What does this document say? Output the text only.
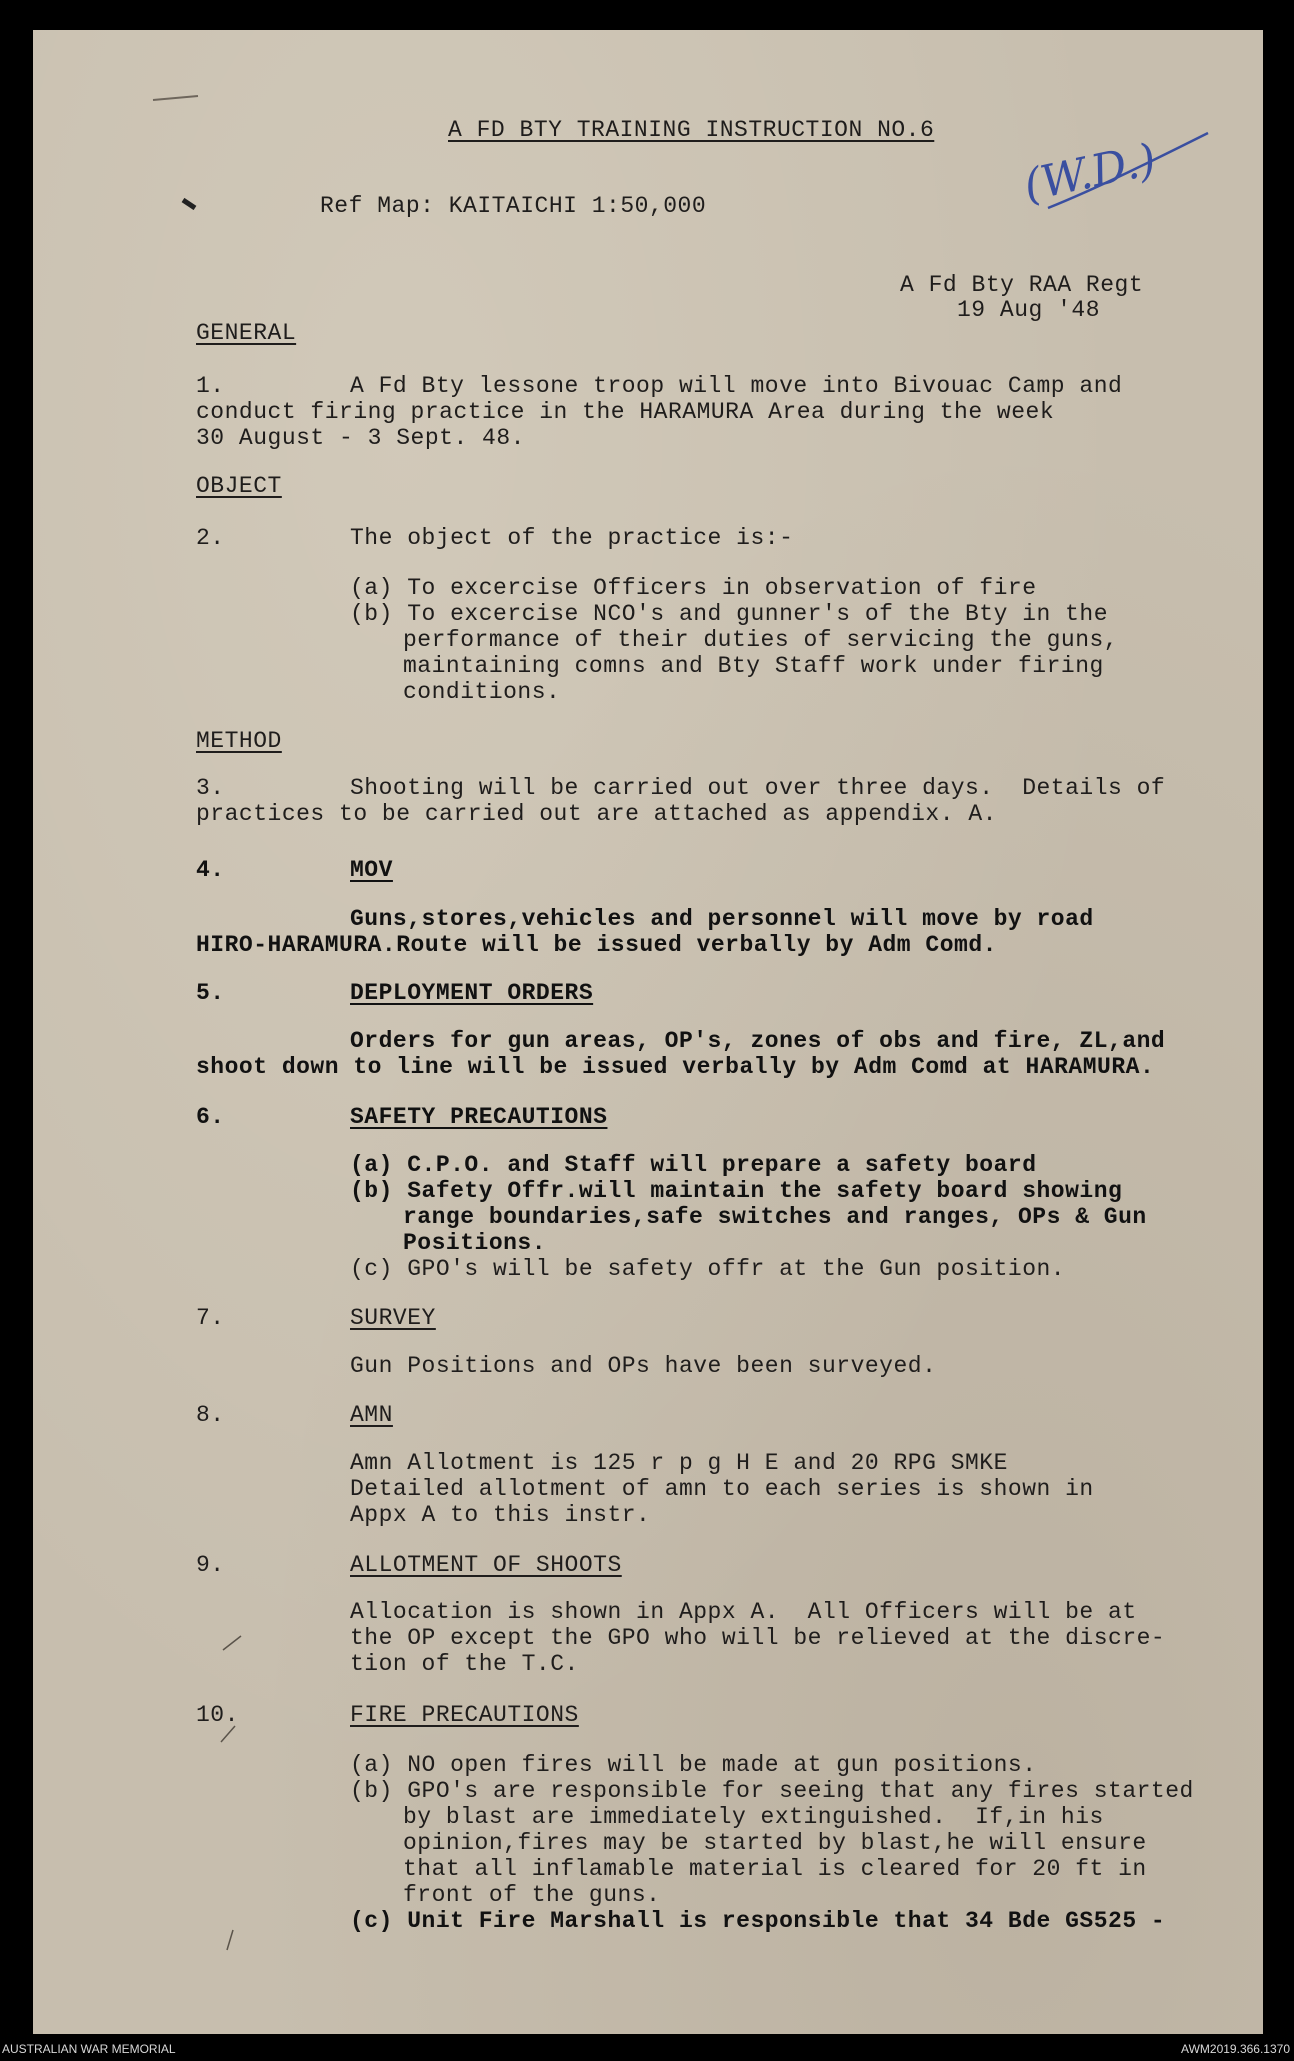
A FD BTY TRAINING INSTRUCTION NO.6
Ref Map: KAITAICHI 1:50,000	(W.D.)
A Fd Bty RAA Regt
19 Aug '48
GENERAL
1.	A Fd Bty lessone troop will move into Bivouac Camp and
conduct firing practice in the HARAMURA Area during the week
30 August - 3 Sept. 48.
OBJECT
2.	The object of the practice is:-
(a) To excercise Officers in observation of fire
(b) To excercise NCO's and gunner's of the Bty in the
performance of their duties of servicing the guns,
maintaining comns and Bty Staff work under firing
conditions.
METHOD
3.	Shooting will be carried out over three days.  Details of
practices to be carried out are attached as appendix. A.
4.	MOV
Guns,stores,vehicles and personnel will move by road
HIRO-HARAMURA.Route will be issued verbally by Adm Comd.
5.	DEPLOYMENT ORDERS
Orders for gun areas, OP's, zones of obs and fire, ZL,and
shoot down to line will be issued verbally by Adm Comd at HARAMURA.
6.	SAFETY PRECAUTIONS
(a) C.P.O. and Staff will prepare a safety board
(b) Safety Offr.will maintain the safety board showing
range boundaries,safe switches and ranges, OPs & Gun
Positions.
(c) GPO's will be safety offr at the Gun position.
7.	SURVEY
Gun Positions and OPs have been surveyed.
8.	AMN
Amn Allotment is 125 r p g H E and 20 RPG SMKE
Detailed allotment of amn to each series is shown in
Appx A to this instr.
9.	ALLOTMENT OF SHOOTS
Allocation is shown in Appx A.  All Officers will be at
the OP except the GPO who will be relieved at the discre-
tion of the T.C.
10.	FIRE PRECAUTIONS
(a) NO open fires will be made at gun positions.
(b) GPO's are responsible for seeing that any fires started
by blast are immediately extinguished.  If,in his
opinion,fires may be started by blast,he will ensure
that all inflamable material is cleared for 20 ft in
front of the guns.
(c) Unit Fire Marshall is responsible that 34 Bde GS525 -
AUSTRALIAN WAR MEMORIAL	AWM2019.366.1370
